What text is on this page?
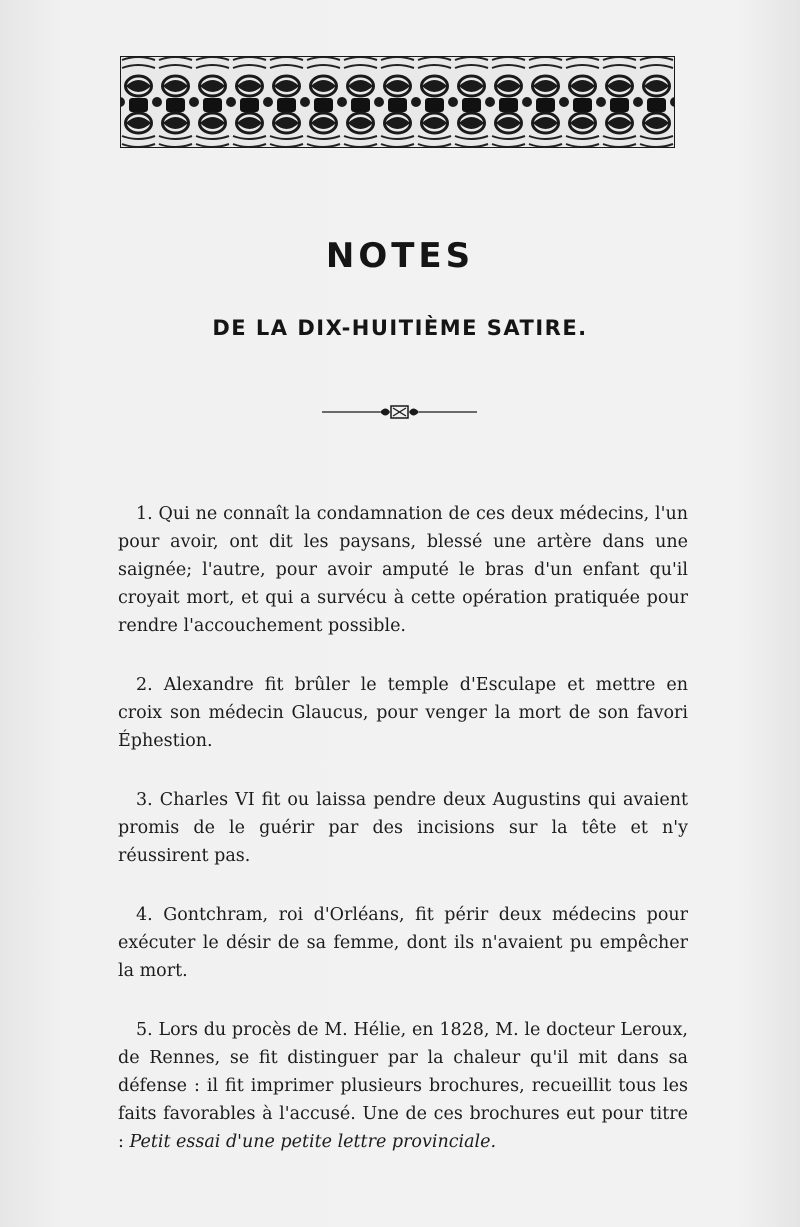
NOTES
DE LA DIX-HUITIÈME SATIRE.

1. Qui ne connaît la condamnation de ces deux médecins, l'un pour avoir, ont dit les paysans, blessé une artère dans une saignée; l'autre, pour avoir amputé le bras d'un enfant qu'il croyait mort, et qui a survécu à cette opération pratiquée pour rendre l'accouchement possible.

2. Alexandre fit brûler le temple d'Esculape et mettre en croix son médecin Glaucus, pour venger la mort de son favori Éphestion.

3. Charles VI fit ou laissa pendre deux Augustins qui avaient promis de le guérir par des incisions sur la tête et n'y réussirent pas.

4. Gontchram, roi d'Orléans, fit périr deux médecins pour exécuter le désir de sa femme, dont ils n'avaient pu empêcher la mort.

5. Lors du procès de M. Hélie, en 1828, M. le docteur Leroux, de Rennes, se fit distinguer par la chaleur qu'il mit dans sa défense : il fit imprimer plusieurs brochures, recueillit tous les faits favorables à l'accusé. Une de ces brochures eut pour titre : Petit essai d'une petite lettre provinciale.
